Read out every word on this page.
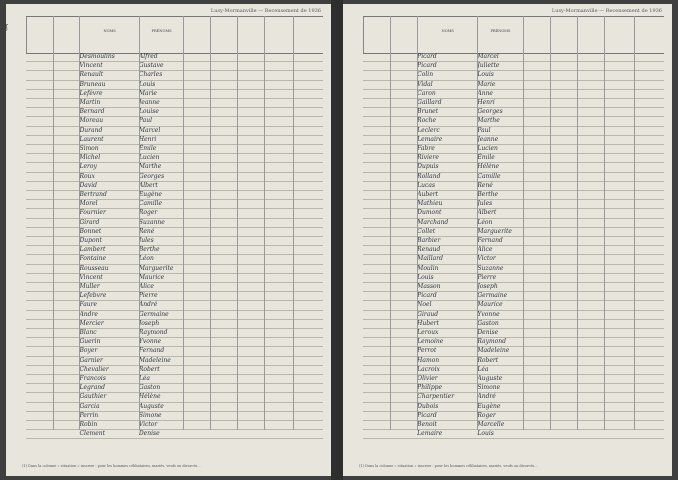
ʃ
Lusy-Mormanville — Recensement de 1936
NOMS	PRÉNOMS
Desmoulins	Alfred
Vincent	Gustave
Renault	Charles
Bruneau	Louis
Lefèvre	Marie
Martin	Jeanne
Bernard	Louise
Moreau	Paul
Durand	Marcel
Laurent	Henri
Simon	Émile
Michel	Lucien
Leroy	Marthe
Roux	Georges
David	Albert
Bertrand	Eugène
Morel	Camille
Fournier	Roger
Girard	Suzanne
Bonnet	René
Dupont	Jules
Lambert	Berthe
Fontaine	Léon
Rousseau	Marguerite
Vincent	Maurice
Muller	Alice
Lefebvre	Pierre
Faure	André
Andre	Germaine
Mercier	Joseph
Blanc	Raymond
Guerin	Yvonne
Boyer	Fernand
Garnier	Madeleine
Chevalier	Robert
Francois	Léa
Legrand	Gaston
Gauthier	Hélène
Garcia	Auguste
Perrin	Simone
Robin	Victor
Clement	Denise
(1) Dans la colonne « situation » inscrire : pour les hommes célibataires, mariés, veufs ou divorcés...
Lusy-Mormanville — Recensement de 1936
NOMS	PRÉNOMS
Picard	Marcel
Picard	Juliette
Colin	Louis
Vidal	Marie
Caron	Anne
Gaillard	Henri
Brunet	Georges
Roche	Marthe
Leclerc	Paul
Lemaire	Jeanne
Fabre	Lucien
Riviere	Émile
Dupuis	Hélène
Rolland	Camille
Lucas	René
Aubert	Berthe
Mathieu	Jules
Dumont	Albert
Marchand	Léon
Collet	Marguerite
Barbier	Fernand
Renaud	Alice
Maillard	Victor
Moulin	Suzanne
Louis	Pierre
Masson	Joseph
Picard	Germaine
Noel	Maurice
Giraud	Yvonne
Hubert	Gaston
Leroux	Denise
Lemoine	Raymond
Perrot	Madeleine
Hamon	Robert
Lacroix	Léa
Olivier	Auguste
Philippe	Simone
Charpentier	André
Dubois	Eugène
Picard	Roger
Benoit	Marcelle
Lemaire	Louis
(1) Dans la colonne « situation » inscrire : pour les hommes célibataires, mariés, veufs ou divorcés...
